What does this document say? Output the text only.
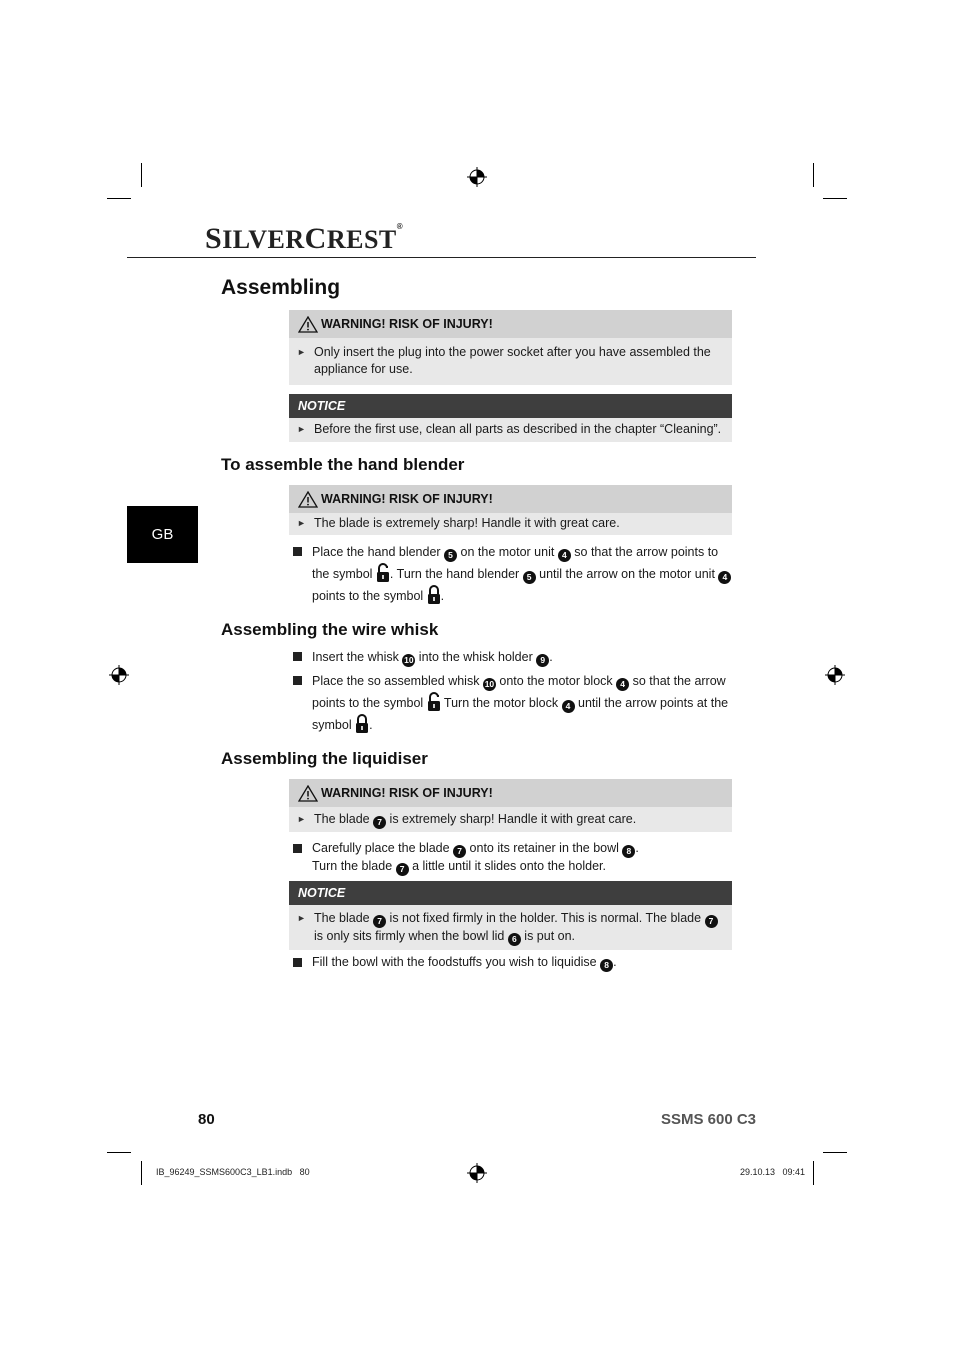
SILVERCREST®
Assembling
WARNING! RISK OF INJURY!
► Only insert the plug into the power socket after you have assembled the appliance for use.
NOTICE
► Before the first use, clean all parts as described in the chapter “Cleaning”.
To assemble the hand blender
WARNING! RISK OF INJURY!
► The blade is extremely sharp! Handle it with great care.
Place the hand blender 5 on the motor unit 4 so that the arrow points to the symbol . Turn the hand blender 5 until the arrow on the motor unit 4 points to the symbol .
GB
Assembling the wire whisk
Insert the whisk 10 into the whisk holder 9 .
Place the so assembled whisk 10 onto the motor block 4 so that the arrow points to the symbol  Turn the motor block 4 until the arrow points at the symbol .
Assembling the liquidiser
WARNING! RISK OF INJURY!
► The blade 7 is extremely sharp! Handle it with great care.
Carefully place the blade 7 onto its retainer in the bowl 8 .
Turn the blade 7 a little until it slides onto the holder.
NOTICE
► The blade 7 is not fixed firmly in the holder. This is normal. The blade 7 is only sits firmly when the bowl lid 6 is put on.
Fill the bowl with the foodstuffs you wish to liquidise 8 .
80	SSMS 600 C3
IB_96249_SSMS600C3_LB1.indb   80	29.10.13   09:41
